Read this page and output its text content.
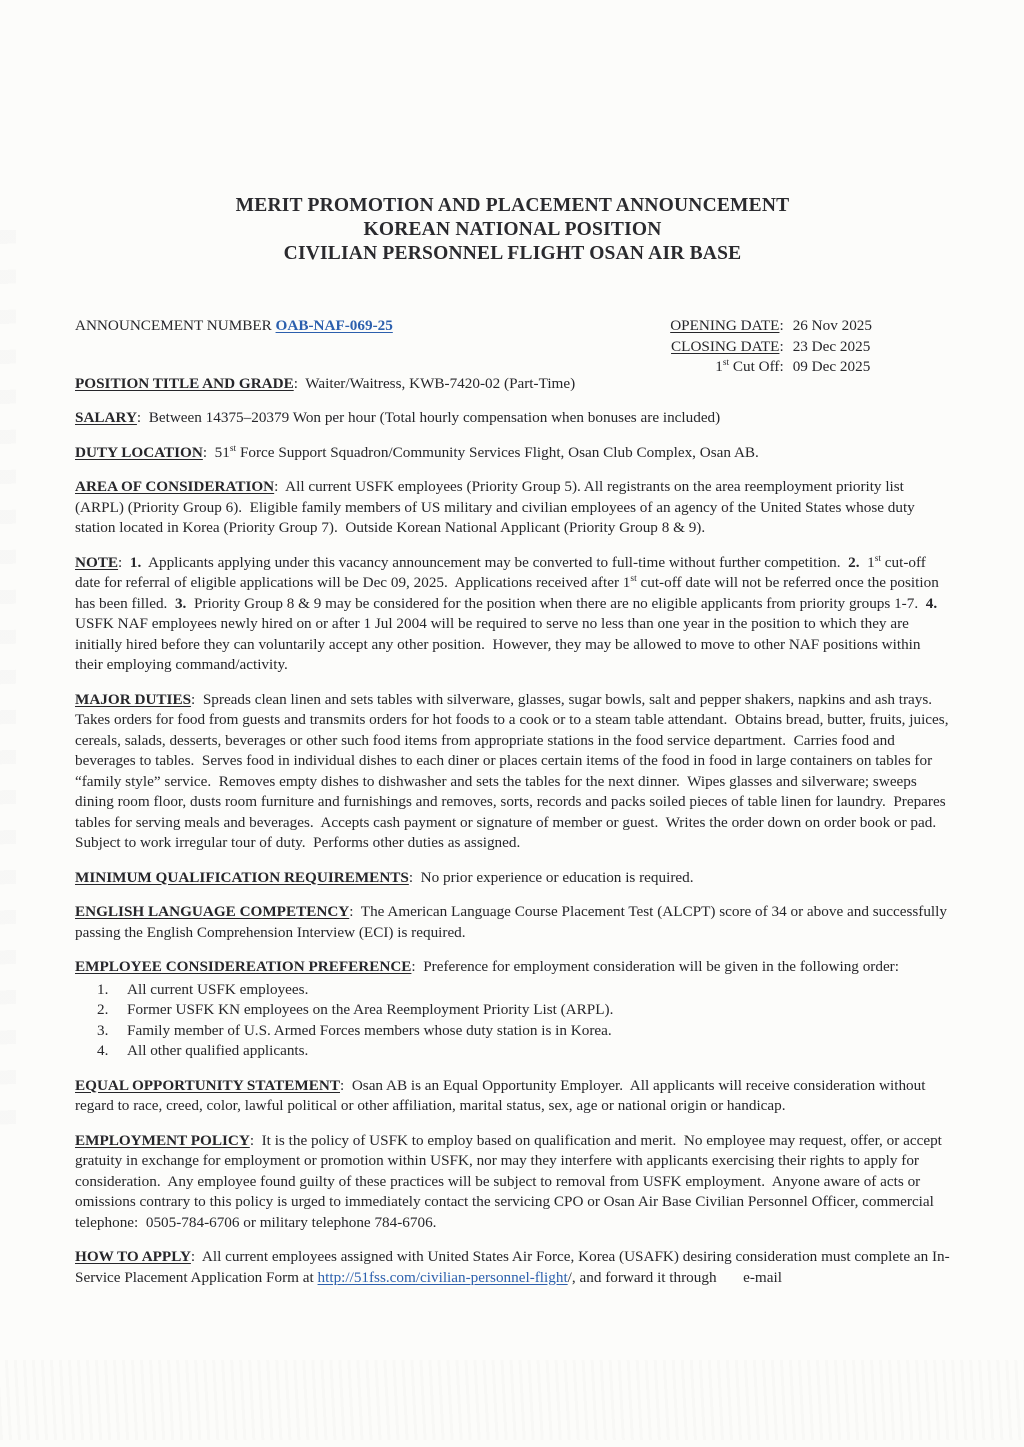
MERIT PROMOTION AND PLACEMENT ANNOUNCEMENT
KOREAN NATIONAL POSITION
CIVILIAN PERSONNEL FLIGHT OSAN AIR BASE
ANNOUNCEMENT NUMBER OAB-NAF-069-25	OPENING DATE: 26 Nov 2025
CLOSING DATE: 23 Dec 2025
1st Cut Off: 09 Dec 2025

POSITION TITLE AND GRADE:  Waiter/Waitress, KWB-7420-02 (Part-Time)

SALARY:  Between 14375–20379 Won per hour (Total hourly compensation when bonuses are included)

DUTY LOCATION:  51st Force Support Squadron/Community Services Flight, Osan Club Complex, Osan AB.

AREA OF CONSIDERATION:  All current USFK employees (Priority Group 5). All registrants on the area reemployment priority list (ARPL) (Priority Group 6).  Eligible family members of US military and civilian employees of an agency of the United States whose duty station located in Korea (Priority Group 7).  Outside Korean National Applicant (Priority Group 8 & 9).

NOTE:  1.  Applicants applying under this vacancy announcement may be converted to full-time without further competition.  2.  1st cut-off date for referral of eligible applications will be Dec 09, 2025.  Applications received after 1st cut-off date will not be referred once the position has been filled.  3.  Priority Group 8 & 9 may be considered for the position when there are no eligible applicants from priority groups 1-7.  4.  USFK NAF employees newly hired on or after 1 Jul 2004 will be required to serve no less than one year in the position to which they are initially hired before they can voluntarily accept any other position.  However, they may be allowed to move to other NAF positions within their employing command/activity.

MAJOR DUTIES:  Spreads clean linen and sets tables with silverware, glasses, sugar bowls, salt and pepper shakers, napkins and ash trays.  Takes orders for food from guests and transmits orders for hot foods to a cook or to a steam table attendant.  Obtains bread, butter, fruits, juices, cereals, salads, desserts, beverages or other such food items from appropriate stations in the food service department.  Carries food and beverages to tables.  Serves food in individual dishes to each diner or places certain items of the food in food in large containers on tables for “family style” service.  Removes empty dishes to dishwasher and sets the tables for the next dinner.  Wipes glasses and silverware; sweeps dining room floor, dusts room furniture and furnishings and removes, sorts, records and packs soiled pieces of table linen for laundry.  Prepares tables for serving meals and beverages.  Accepts cash payment or signature of member or guest.  Writes the order down on order book or pad.  Subject to work irregular tour of duty.  Performs other duties as assigned.

MINIMUM QUALIFICATION REQUIREMENTS:  No prior experience or education is required.

ENGLISH LANGUAGE COMPETENCY:  The American Language Course Placement Test (ALCPT) score of 34 or above and successfully passing the English Comprehension Interview (ECI) is required.

EMPLOYEE CONSIDEREATION PREFERENCE:  Preference for employment consideration will be given in the following order:

1.	All current USFK employees.
2.	Former USFK KN employees on the Area Reemployment Priority List (ARPL).
3.	Family member of U.S. Armed Forces members whose duty station is in Korea.
4.	All other qualified applicants.

EQUAL OPPORTUNITY STATEMENT:  Osan AB is an Equal Opportunity Employer.  All applicants will receive consideration without regard to race, creed, color, lawful political or other affiliation, marital status, sex, age or national origin or handicap.

EMPLOYMENT POLICY:  It is the policy of USFK to employ based on qualification and merit.  No employee may request, offer, or accept gratuity in exchange for employment or promotion within USFK, nor may they interfere with applicants exercising their rights to apply for consideration.  Any employee found guilty of these practices will be subject to removal from USFK employment.  Anyone aware of acts or omissions contrary to this policy is urged to immediately contact the servicing CPO or Osan Air Base Civilian Personnel Officer, commercial telephone:  0505-784-6706 or military telephone 784-6706.

HOW TO APPLY:  All current employees assigned with United States Air Force, Korea (USAFK) desiring consideration must complete an In-Service Placement Application Form at http://51fss.com/civilian-personnel-flight/, and forward it through       e-mail
